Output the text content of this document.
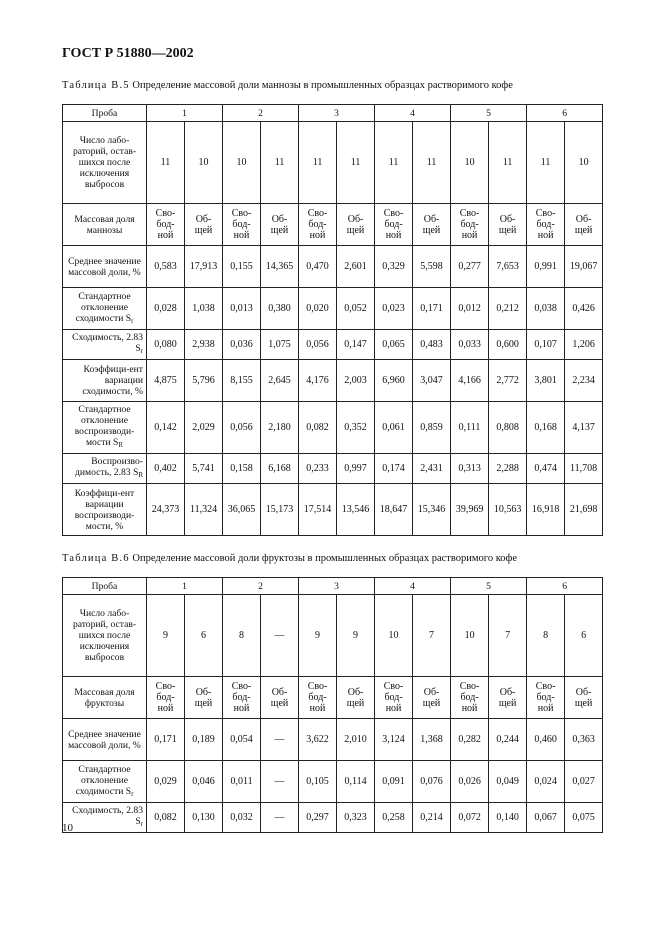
ГОСТ Р 51880—2002
Таблица В.5 Определение массовой доли маннозы в промышленных образцах растворимого кофе
Проба	1		2		3		4		5		6	
Число лабо-раторий, остав-шихся после исключения выбросов	11	10	10	11	11	11	11	11	10	11	11	10
Массовая доля маннозы	Сво-бод-ной	Об-щей	Сво-бод-ной	Об-щей	Сво-бод-ной	Об-щей	Сво-бод-ной	Об-щей	Сво-бод-ной	Об-щей	Сво-бод-ной	Об-щей
Среднее значение массовой доли, %	0,583	17,913	0,155	14,365	0,470	2,601	0,329	5,598	0,277	7,653	0,991	19,067
Стандартное отклонение сходимости $S_r$	0,028	1,038	0,013	0,380	0,020	0,052	0,023	0,171	0,012	0,212	0,038	0,426
Сходимость, 2.83 $S_r$	0,080	2,938	0,036	1,075	0,056	0,147	0,065	0,483	0,033	0,600	0,107	1,206
Коэффици-ент вариации сходимости, %	4,875	5,796	8,155	2,645	4,176	2,003	6,960	3,047	4,166	2,772	3,801	2,234
Стандартное отклонение воспроизводи-мости $S_R$	0,142	2,029	0,056	2,180	0,082	0,352	0,061	0,859	0,111	0,808	0,168	4,137
Воспроизво-димость, 2.83 $S_R$	0,402	5,741	0,158	6,168	0,233	0,997	0,174	2,431	0,313	2,288	0,474	11,708
Коэффици-ент вариации воспроизводи-мости, %	24,373	11,324	36,065	15,173	17,514	13,546	18,647	15,346	39,969	10,563	16,918	21,698
Таблица В.6 Определение массовой доли фруктозы в промышленных образцах растворимого кофе
Проба	1		2		3		4		5		6	
Число лабо-раторий, остав-шихся после исключения выбросов	9	6	8	—	9	9	10	7	10	7	8	6
Массовая доля фруктозы	Сво-бод-ной	Об-щей	Сво-бод-ной	Об-щей	Сво-бод-ной	Об-щей	Сво-бод-ной	Об-щей	Сво-бод-ной	Об-щей	Сво-бод-ной	Об-щей
Среднее значение массовой доли, %	0,171	0,189	0,054	—	3,622	2,010	3,124	1,368	0,282	0,244	0,460	0,363
Стандартное отклонение сходимости $S_r$	0,029	0,046	0,011	—	0,105	0,114	0,091	0,076	0,026	0,049	0,024	0,027
Сходимость, 2.83 $S_r$	0,082	0,130	0,032	—	0,297	0,323	0,258	0,214	0,072	0,140	0,067	0,075
10
